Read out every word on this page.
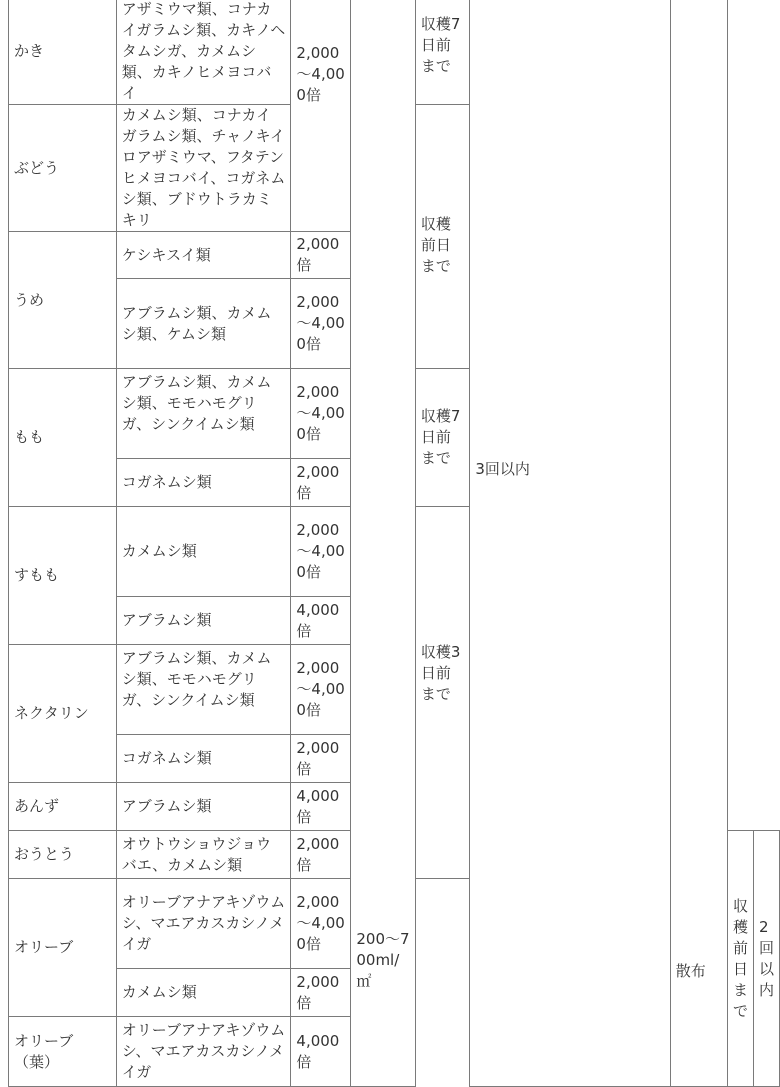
かき	アザミウマ類、コナカイガラムシ類、カキノヘタムシガ、カメムシ類、カキノヒメヨコバイ	2,000～4,000倍	200～700ml/㎡	収穫7日前まで	3回以内	散布		
ぶどう	カメムシ類、コナカイガラムシ類、チャノキイロアザミウマ、フタテンヒメヨコバイ、コガネムシ類、ブドウトラカミキリ			収穫前日まで				
うめ	ケシキスイ類	2,000倍						
	アブラムシ類、カメムシ類、ケムシ類	2,000～4,000倍						
もも	アブラムシ類、カメムシ類、モモハモグリガ、シンクイムシ類	2,000～4,000倍		収穫7日前まで				
	コガネムシ類	2,000倍						
すもも	カメムシ類	2,000～4,000倍		収穫3日前まで				
	アブラムシ類	4,000倍						
ネクタリン	アブラムシ類、カメムシ類、モモハモグリガ、シンクイムシ類	2,000～4,000倍						
	コガネムシ類	2,000倍						
あんず	アブラムシ類	4,000倍						
おうとう	オウトウショウジョウバエ、カメムシ類	2,000倍					収穫前日まで	2回以内
オリーブ	オリーブアナアキゾウムシ、マエアカスカシノメイガ	2,000～4,000倍						
	カメムシ類	2,000倍						
オリーブ（葉）	オリーブアナアキゾウムシ、マエアカスカシノメイガ	4,000倍						
